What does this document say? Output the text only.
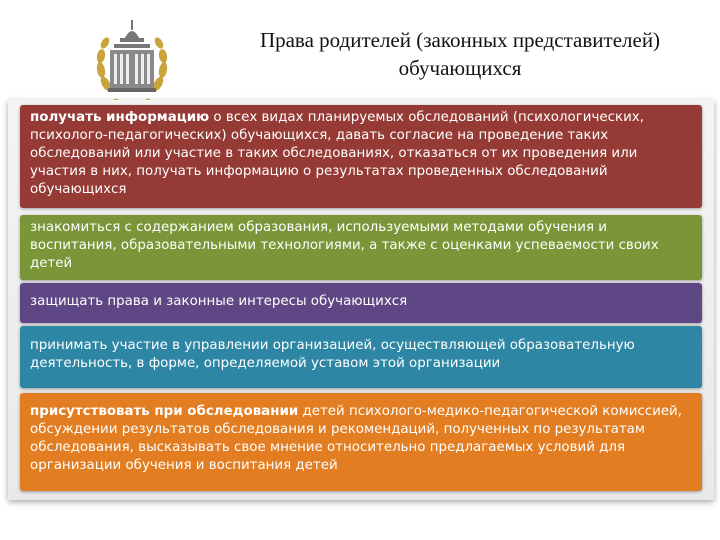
Права родителей (законных представителей)
обучающихся
получать информацию о всех видах планируемых обследований (психологических, психолого-педагогических) обучающихся, давать согласие на проведение таких обследований или участие в таких обследованиях, отказаться от их проведения или участия в них, получать информацию о результатах проведенных обследований обучающихся
знакомиться с содержанием образования, используемыми методами обучения и воспитания, образовательными технологиями, а также с оценками успеваемости своих детей
защищать права и законные интересы обучающихся
принимать участие в управлении организацией, осуществляющей образовательную деятельность, в форме, определяемой уставом этой организации
присутствовать при обследовании детей психолого-медико-педагогической комиссией, обсуждении результатов обследования и рекомендаций, полученных по результатам обследования, высказывать свое мнение относительно предлагаемых условий для организации обучения и воспитания детей
